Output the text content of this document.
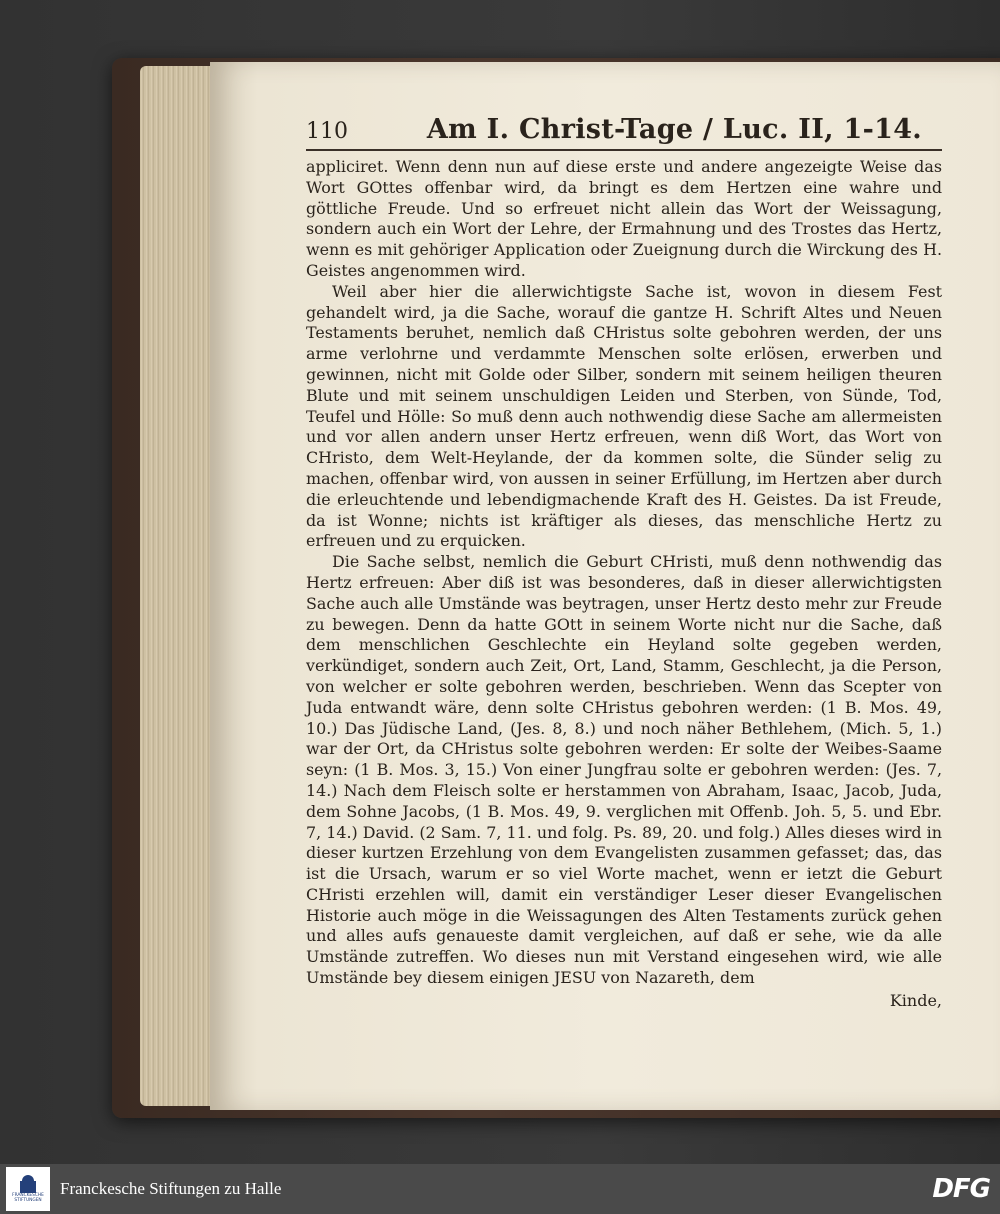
110	Am I. Christ-Tage / Luc. II, 1-14.

appliciret. Wenn denn nun auf diese erste und andere angezeigte Weise das Wort GOttes offenbar wird, da bringt es dem Hertzen eine wahre und göttliche Freude. Und so erfreuet nicht allein das Wort der Weissagung, sondern auch ein Wort der Lehre, der Ermahnung und des Trostes das Hertz, wenn es mit gehöriger Application oder Zueignung durch die Wirckung des H. Geistes angenommen wird.

Weil aber hier die allerwichtigste Sache ist, wovon in diesem Fest gehandelt wird, ja die Sache, worauf die gantze H. Schrift Altes und Neuen Testaments beruhet, nemlich daß CHristus solte gebohren werden, der uns arme verlohrne und verdammte Menschen solte erlösen, erwerben und gewinnen, nicht mit Golde oder Silber, sondern mit seinem heiligen theuren Blute und mit seinem unschuldigen Leiden und Sterben, von Sünde, Tod, Teufel und Hölle: So muß denn auch nothwendig diese Sache am allermeisten und vor allen andern unser Hertz erfreuen, wenn diß Wort, das Wort von CHristo, dem Welt-Heylande, der da kommen solte, die Sünder selig zu machen, offenbar wird, von aussen in seiner Erfüllung, im Hertzen aber durch die erleuchtende und lebendigmachende Kraft des H. Geistes. Da ist Freude, da ist Wonne; nichts ist kräftiger als dieses, das menschliche Hertz zu erfreuen und zu erquicken.

Die Sache selbst, nemlich die Geburt CHristi, muß denn nothwendig das Hertz erfreuen: Aber diß ist was besonderes, daß in dieser allerwichtigsten Sache auch alle Umstände was beytragen, unser Hertz desto mehr zur Freude zu bewegen. Denn da hatte GOtt in seinem Worte nicht nur die Sache, daß dem menschlichen Geschlechte ein Heyland solte gegeben werden, verkündiget, sondern auch Zeit, Ort, Land, Stamm, Geschlecht, ja die Person, von welcher er solte gebohren werden, beschrieben. Wenn das Scepter von Juda entwandt wäre, denn solte CHristus gebohren werden: (1 B. Mos. 49, 10.) Das Jüdische Land, (Jes. 8, 8.) und noch näher Bethlehem, (Mich. 5, 1.) war der Ort, da CHristus solte gebohren werden: Er solte der Weibes-Saame seyn: (1 B. Mos. 3, 15.) Von einer Jungfrau solte er gebohren werden: (Jes. 7, 14.) Nach dem Fleisch solte er herstammen von Abraham, Isaac, Jacob, Juda, dem Sohne Jacobs, (1 B. Mos. 49, 9. verglichen mit Offenb. Joh. 5, 5. und Ebr. 7, 14.) David. (2 Sam. 7, 11. und folg. Ps. 89, 20. und folg.) Alles dieses wird in dieser kurtzen Erzehlung von dem Evangelisten zusammen gefasset; das, das ist die Ursach, warum er so viel Worte machet, wenn er ietzt die Geburt CHristi erzehlen will, damit ein verständiger Leser dieser Evangelischen Historie auch möge in die Weissagungen des Alten Testaments zurück gehen und alles aufs genaueste damit vergleichen, auf daß er sehe, wie da alle Umstände zutreffen. Wo dieses nun mit Verstand eingesehen wird, wie alle Umstände bey diesem einigen JESU von Nazareth, dem

Kinde,
FRANCKESCHE
STIFTUNGEN
Franckesche Stiftungen zu Halle	DFG
